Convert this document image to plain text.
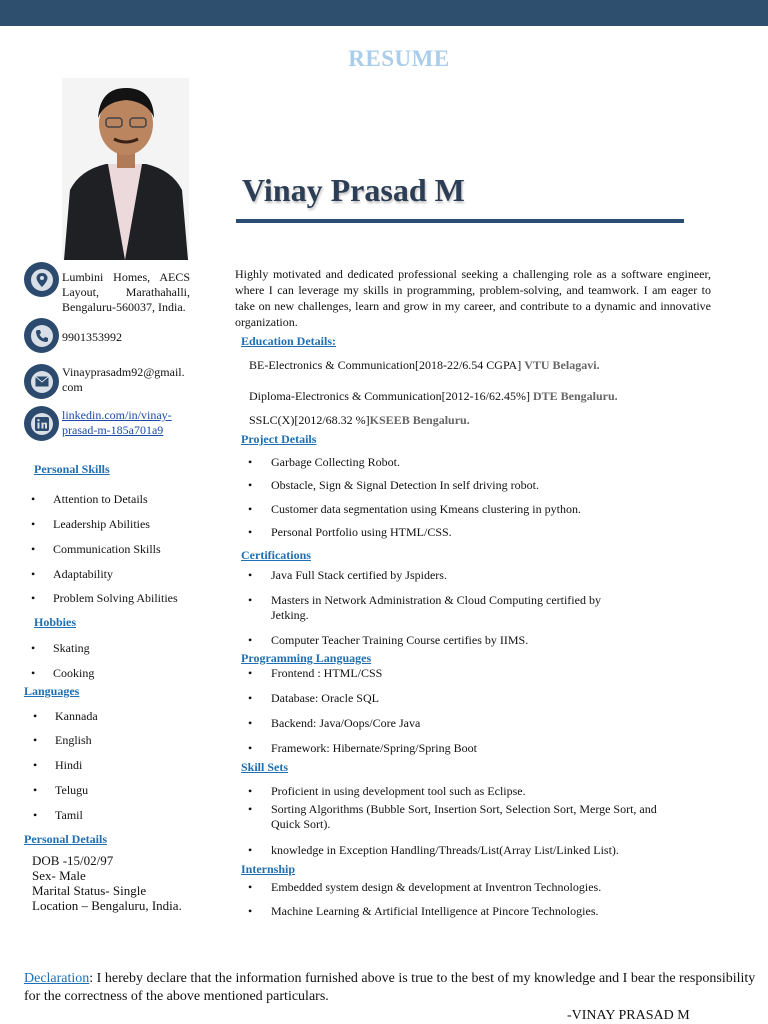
RESUME
Vinay Prasad M
Lumbini Homes, AECS
Layout, Marathahalli,
Bengaluru-560037, India.
9901353992
Vinayprasadm92@gmail.
com
linkedin.com/in/vinay-
prasad-m-185a701a9
Personal Skills
• Attention to Details
• Leadership Abilities
• Communication Skills
• Adaptability
• Problem Solving Abilities
Hobbies
• Skating
• Cooking
Languages
• Kannada
• English
• Hindi
• Telugu
• Tamil
Personal Details
DOB -15/02/97
Sex- Male
Marital Status- Single
Location – Bengaluru, India.
Highly motivated and dedicated professional seeking a challenging role as a software engineer, where I can leverage my skills in programming, problem-solving, and teamwork. I am eager to take on new challenges, learn and grow in my career, and contribute to a dynamic and innovative organization.
Education Details:
BE-Electronics & Communication[2018-22/6.54 CGPA] VTU Belagavi.
Diploma-Electronics & Communication[2012-16/62.45%] DTE Bengaluru.
SSLC(X)[2012/68.32 %]KSEEB Bengaluru.
Project Details
• Garbage Collecting Robot.
• Obstacle, Sign & Signal Detection In self driving robot.
• Customer data segmentation using Kmeans clustering in python.
• Personal Portfolio using HTML/CSS.
Certifications
• Java Full Stack certified by Jspiders.
• Masters in Network Administration & Cloud Computing certified by Jetking.
• Computer Teacher Training Course certifies by IIMS.
Programming Languages
• Frontend : HTML/CSS
• Database: Oracle SQL
• Backend: Java/Oops/Core Java
• Framework: Hibernate/Spring/Spring Boot
Skill Sets
• Proficient in using development tool such as Eclipse.
• Sorting Algorithms (Bubble Sort, Insertion Sort, Selection Sort, Merge Sort, and Quick Sort).
• knowledge in Exception Handling/Threads/List(Array List/Linked List).
Internship
• Embedded system design & development at Inventron Technologies.
• Machine Learning & Artificial Intelligence at Pincore Technologies.
Declaration: I hereby declare that the information furnished above is true to the best of my knowledge and I bear the responsibility for the correctness of the above mentioned particulars.
-VINAY PRASAD M
